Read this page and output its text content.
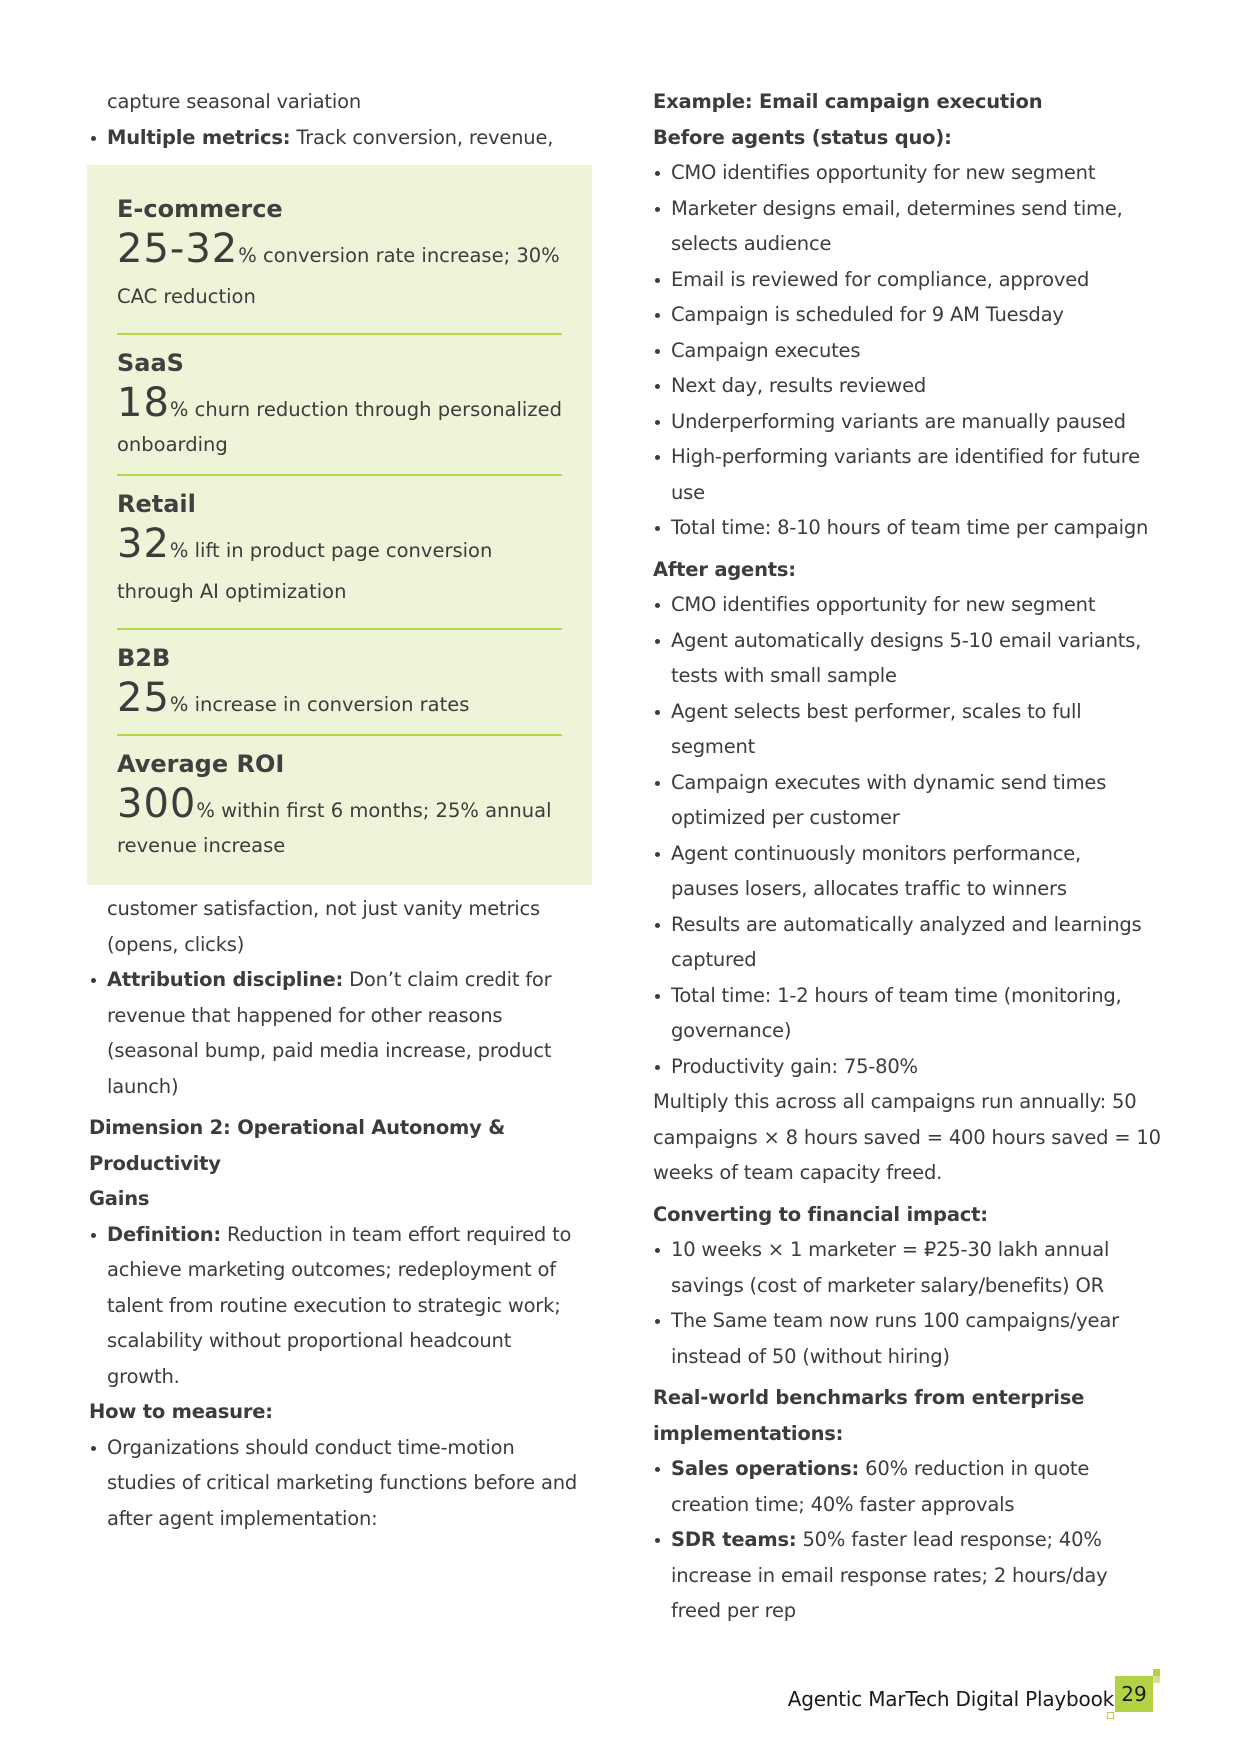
capture seasonal variation
Multiple metrics: Track conversion, revenue,
E-commerce
25-32% conversion rate increase; 30%
CAC reduction
SaaS
18% churn reduction through personalized
onboarding
Retail
32% lift in product page conversion
through AI optimization
B2B
25% increase in conversion rates
Average ROI
300% within first 6 months; 25% annual
revenue increase
customer satisfaction, not just vanity metrics
(opens, clicks)
Attribution discipline: Don’t claim credit for
revenue that happened for other reasons
(seasonal bump, paid media increase, product
launch)
Dimension 2: Operational Autonomy & Productivity
Gains
Definition: Reduction in team effort required to
achieve marketing outcomes; redeployment of
talent from routine execution to strategic work;
scalability without proportional headcount
growth.
How to measure:
Organizations should conduct time-motion
studies of critical marketing functions before and
after agent implementation:
Example: Email campaign execution
Before agents (status quo):
CMO identifies opportunity for new segment
Marketer designs email, determines send time,
selects audience
Email is reviewed for compliance, approved
Campaign is scheduled for 9 AM Tuesday
Campaign executes
Next day, results reviewed
Underperforming variants are manually paused
High-performing variants are identified for future
use
Total time: 8-10 hours of team time per campaign
After agents:
CMO identifies opportunity for new segment
Agent automatically designs 5-10 email variants,
tests with small sample
Agent selects best performer, scales to full
segment
Campaign executes with dynamic send times
optimized per customer
Agent continuously monitors performance,
pauses losers, allocates traffic to winners
Results are automatically analyzed and learnings
captured
Total time: 1-2 hours of team time (monitoring,
governance)
Productivity gain: 75-80%
Multiply this across all campaigns run annually: 50
campaigns × 8 hours saved = 400 hours saved = 10
weeks of team capacity freed.
Converting to financial impact:
10 weeks × 1 marketer = ₽25-30 lakh annual
savings (cost of marketer salary/benefits) OR
The Same team now runs 100 campaigns/year
instead of 50 (without hiring)
Real-world benchmarks from enterprise
implementations:
Sales operations: 60% reduction in quote
creation time; 40% faster approvals
SDR teams: 50% faster lead response; 40%
increase in email response rates; 2 hours/day
freed per rep
Agentic MarTech Digital Playbook 29
